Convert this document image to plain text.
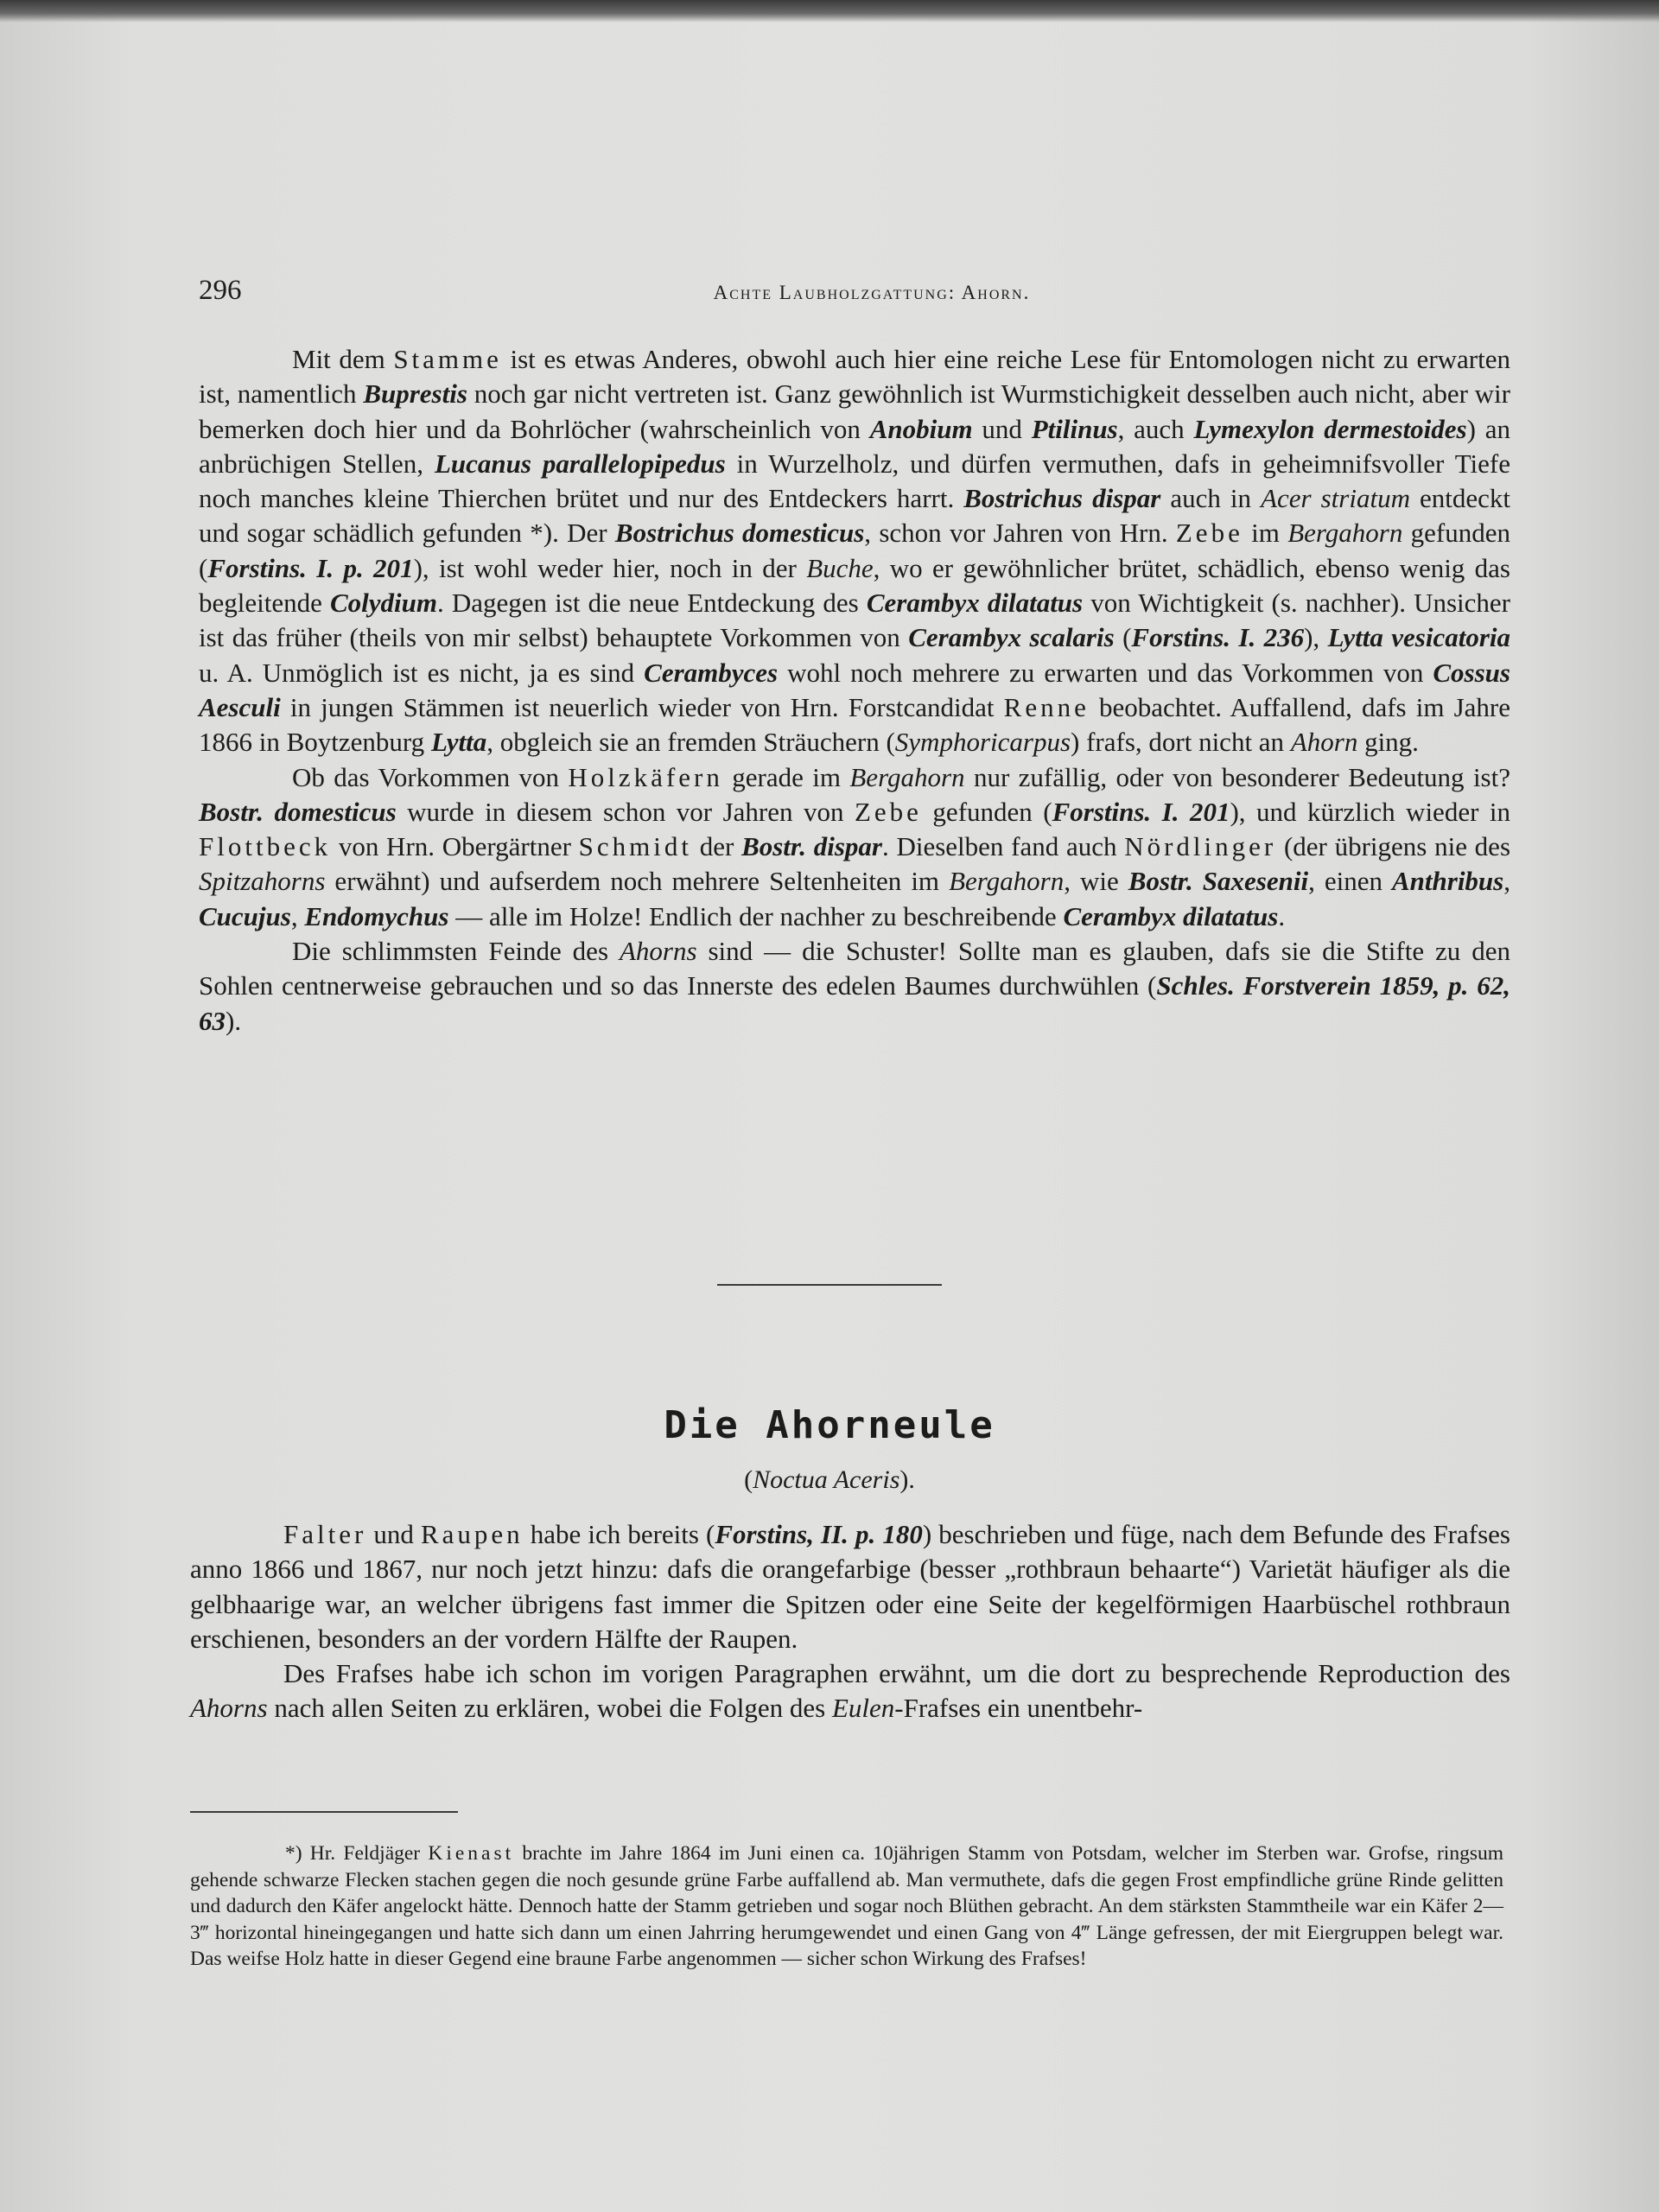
296	Achte Laubholzgattung: Ahorn.

Mit dem Stamme ist es etwas Anderes, obwohl auch hier eine reiche Lese für Entomologen nicht zu erwarten ist, namentlich Buprestis noch gar nicht vertreten ist. Ganz gewöhnlich ist Wurmstichigkeit desselben auch nicht, aber wir bemerken doch hier und da Bohrlöcher (wahrscheinlich von Anobium und Ptilinus, auch Lymexylon dermestoides) an anbrüchigen Stellen, Lucanus parallelopipedus in Wurzelholz, und dürfen vermuthen, dafs in geheimnifsvoller Tiefe noch manches kleine Thierchen brütet und nur des Entdeckers harrt. Bostrichus dispar auch in Acer striatum entdeckt und sogar schädlich gefunden *). Der Bostrichus domesticus, schon vor Jahren von Hrn. Zebe im Bergahorn gefunden (Forstins. I. p. 201), ist wohl weder hier, noch in der Buche, wo er gewöhnlicher brütet, schädlich, ebenso wenig das begleitende Colydium. Dagegen ist die neue Entdeckung des Cerambyx dilatatus von Wichtigkeit (s. nachher). Unsicher ist das früher (theils von mir selbst) behauptete Vorkommen von Cerambyx scalaris (Forstins. I. 236), Lytta vesicatoria u. A. Unmöglich ist es nicht, ja es sind Cerambyces wohl noch mehrere zu erwarten und das Vorkommen von Cossus Aesculi in jungen Stämmen ist neuerlich wieder von Hrn. Forstcandidat Renne beobachtet. Auffallend, dafs im Jahre 1866 in Boytzenburg Lytta, obgleich sie an fremden Sträuchern (Symphoricarpus) frafs, dort nicht an Ahorn ging.

Ob das Vorkommen von Holzkäfern gerade im Bergahorn nur zufällig, oder von besonderer Bedeutung ist? Bostr. domesticus wurde in diesem schon vor Jahren von Zebe gefunden (Forstins. I. 201), und kürzlich wieder in Flottbeck von Hrn. Obergärtner Schmidt der Bostr. dispar. Dieselben fand auch Nördlinger (der übrigens nie des Spitzahorns erwähnt) und aufserdem noch mehrere Seltenheiten im Bergahorn, wie Bostr. Saxesenii, einen Anthribus, Cucujus, Endomychus — alle im Holze! Endlich der nachher zu beschreibende Cerambyx dilatatus.

Die schlimmsten Feinde des Ahorns sind — die Schuster! Sollte man es glauben, dafs sie die Stifte zu den Sohlen centnerweise gebrauchen und so das Innerste des edelen Baumes durchwühlen (Schles. Forstverein 1859, p. 62, 63).

Die Ahorneule
(Noctua Aceris).

Falter und Raupen habe ich bereits (Forstins, II. p. 180) beschrieben und füge, nach dem Befunde des Frafses anno 1866 und 1867, nur noch jetzt hinzu: dafs die orangefarbige (besser „rothbraun behaarte“) Varietät häufiger als die gelbhaarige war, an welcher übrigens fast immer die Spitzen oder eine Seite der kegelförmigen Haarbüschel rothbraun erschienen, besonders an der vordern Hälfte der Raupen.

Des Frafses habe ich schon im vorigen Paragraphen erwähnt, um die dort zu besprechende Reproduction des Ahorns nach allen Seiten zu erklären, wobei die Folgen des Eulen-Frafses ein unentbehr-

*) Hr. Feldjäger Kienast brachte im Jahre 1864 im Juni einen ca. 10jährigen Stamm von Potsdam, welcher im Sterben war. Grofse, ringsum gehende schwarze Flecken stachen gegen die noch gesunde grüne Farbe auffallend ab. Man vermuthete, dafs die gegen Frost empfindliche grüne Rinde gelitten und dadurch den Käfer angelockt hätte. Dennoch hatte der Stamm getrieben und sogar noch Blüthen gebracht. An dem stärksten Stammtheile war ein Käfer 2—3‴ horizontal hineingegangen und hatte sich dann um einen Jahrring herumgewendet und einen Gang von 4‴ Länge gefressen, der mit Eiergruppen belegt war. Das weifse Holz hatte in dieser Gegend eine braune Farbe angenommen — sicher schon Wirkung des Frafses!
